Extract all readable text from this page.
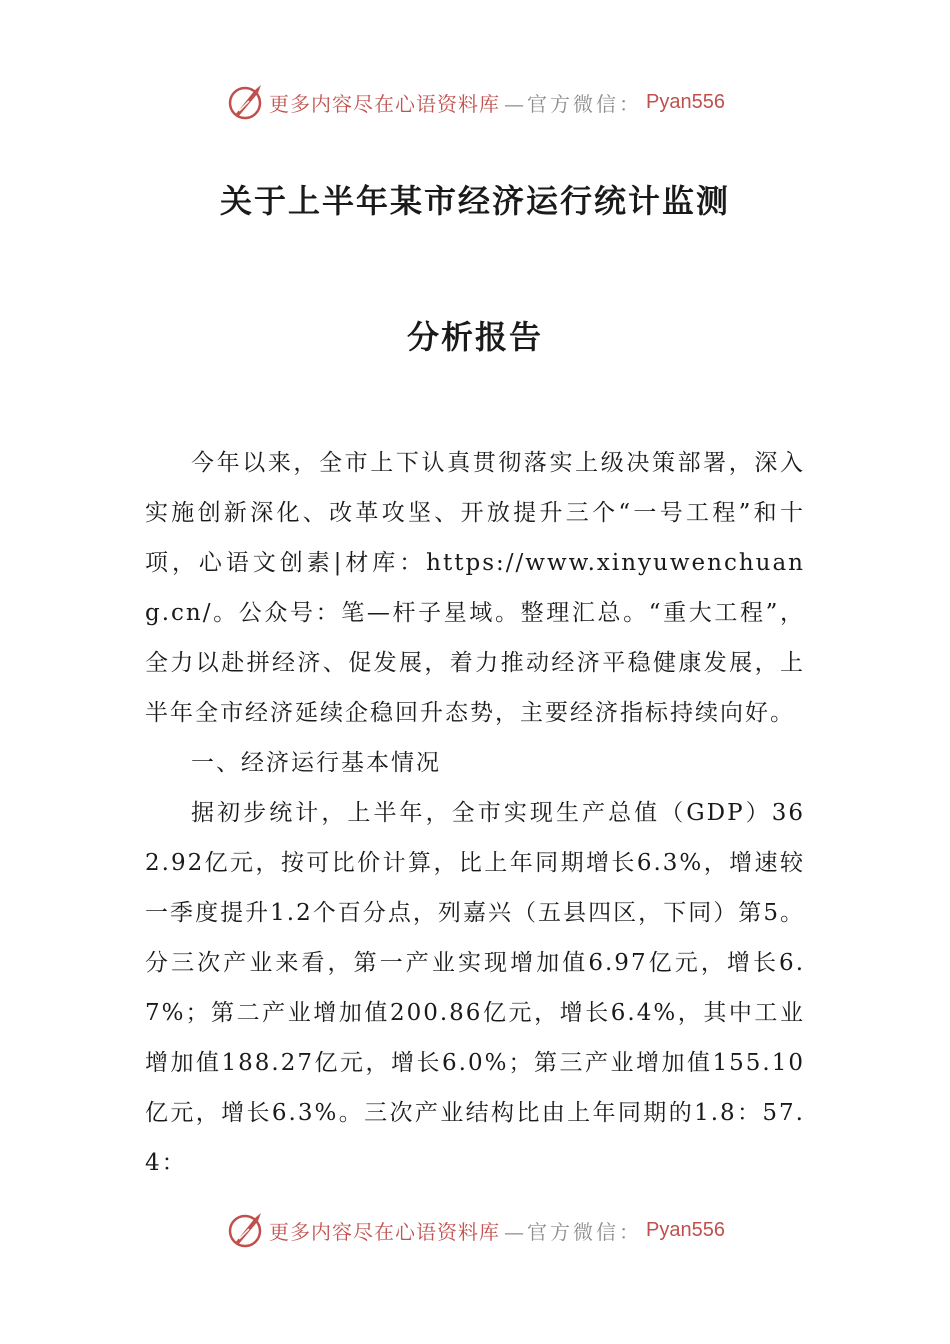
更多内容尽在心语资料库 —官方微信： Pyan556
关于上半年某市经济运行统计监测
分析报告

今年以来，全市上下认真贯彻落实上级决策部署，深入实施创新深化、改革攻坚、开放提升三个“一号工程”和十项，心语文创素|材库：https://www.xinyuwenchuang.cn/。公众号：笔—杆子星域。整理汇总。“重大工程”，全力以赴拼经济、促发展，着力推动经济平稳健康发展，上半年全市经济延续企稳回升态势，主要经济指标持续向好。

一、经济运行基本情况

据初步统计，上半年，全市实现生产总值（GDP）362.92亿元，按可比价计算，比上年同期增长6.3%，增速较一季度提升1.2个百分点，列嘉兴（五县四区，下同）第5。分三次产业来看，第一产业实现增加值6.97亿元，增长6.7%；第二产业增加值200.86亿元，增长6.4%，其中工业增加值188.27亿元，增长6.0%；第三产业增加值155.10亿元，增长6.3%。三次产业结构比由上年同期的1.8：57.4：

更多内容尽在心语资料库 —官方微信： Pyan556
